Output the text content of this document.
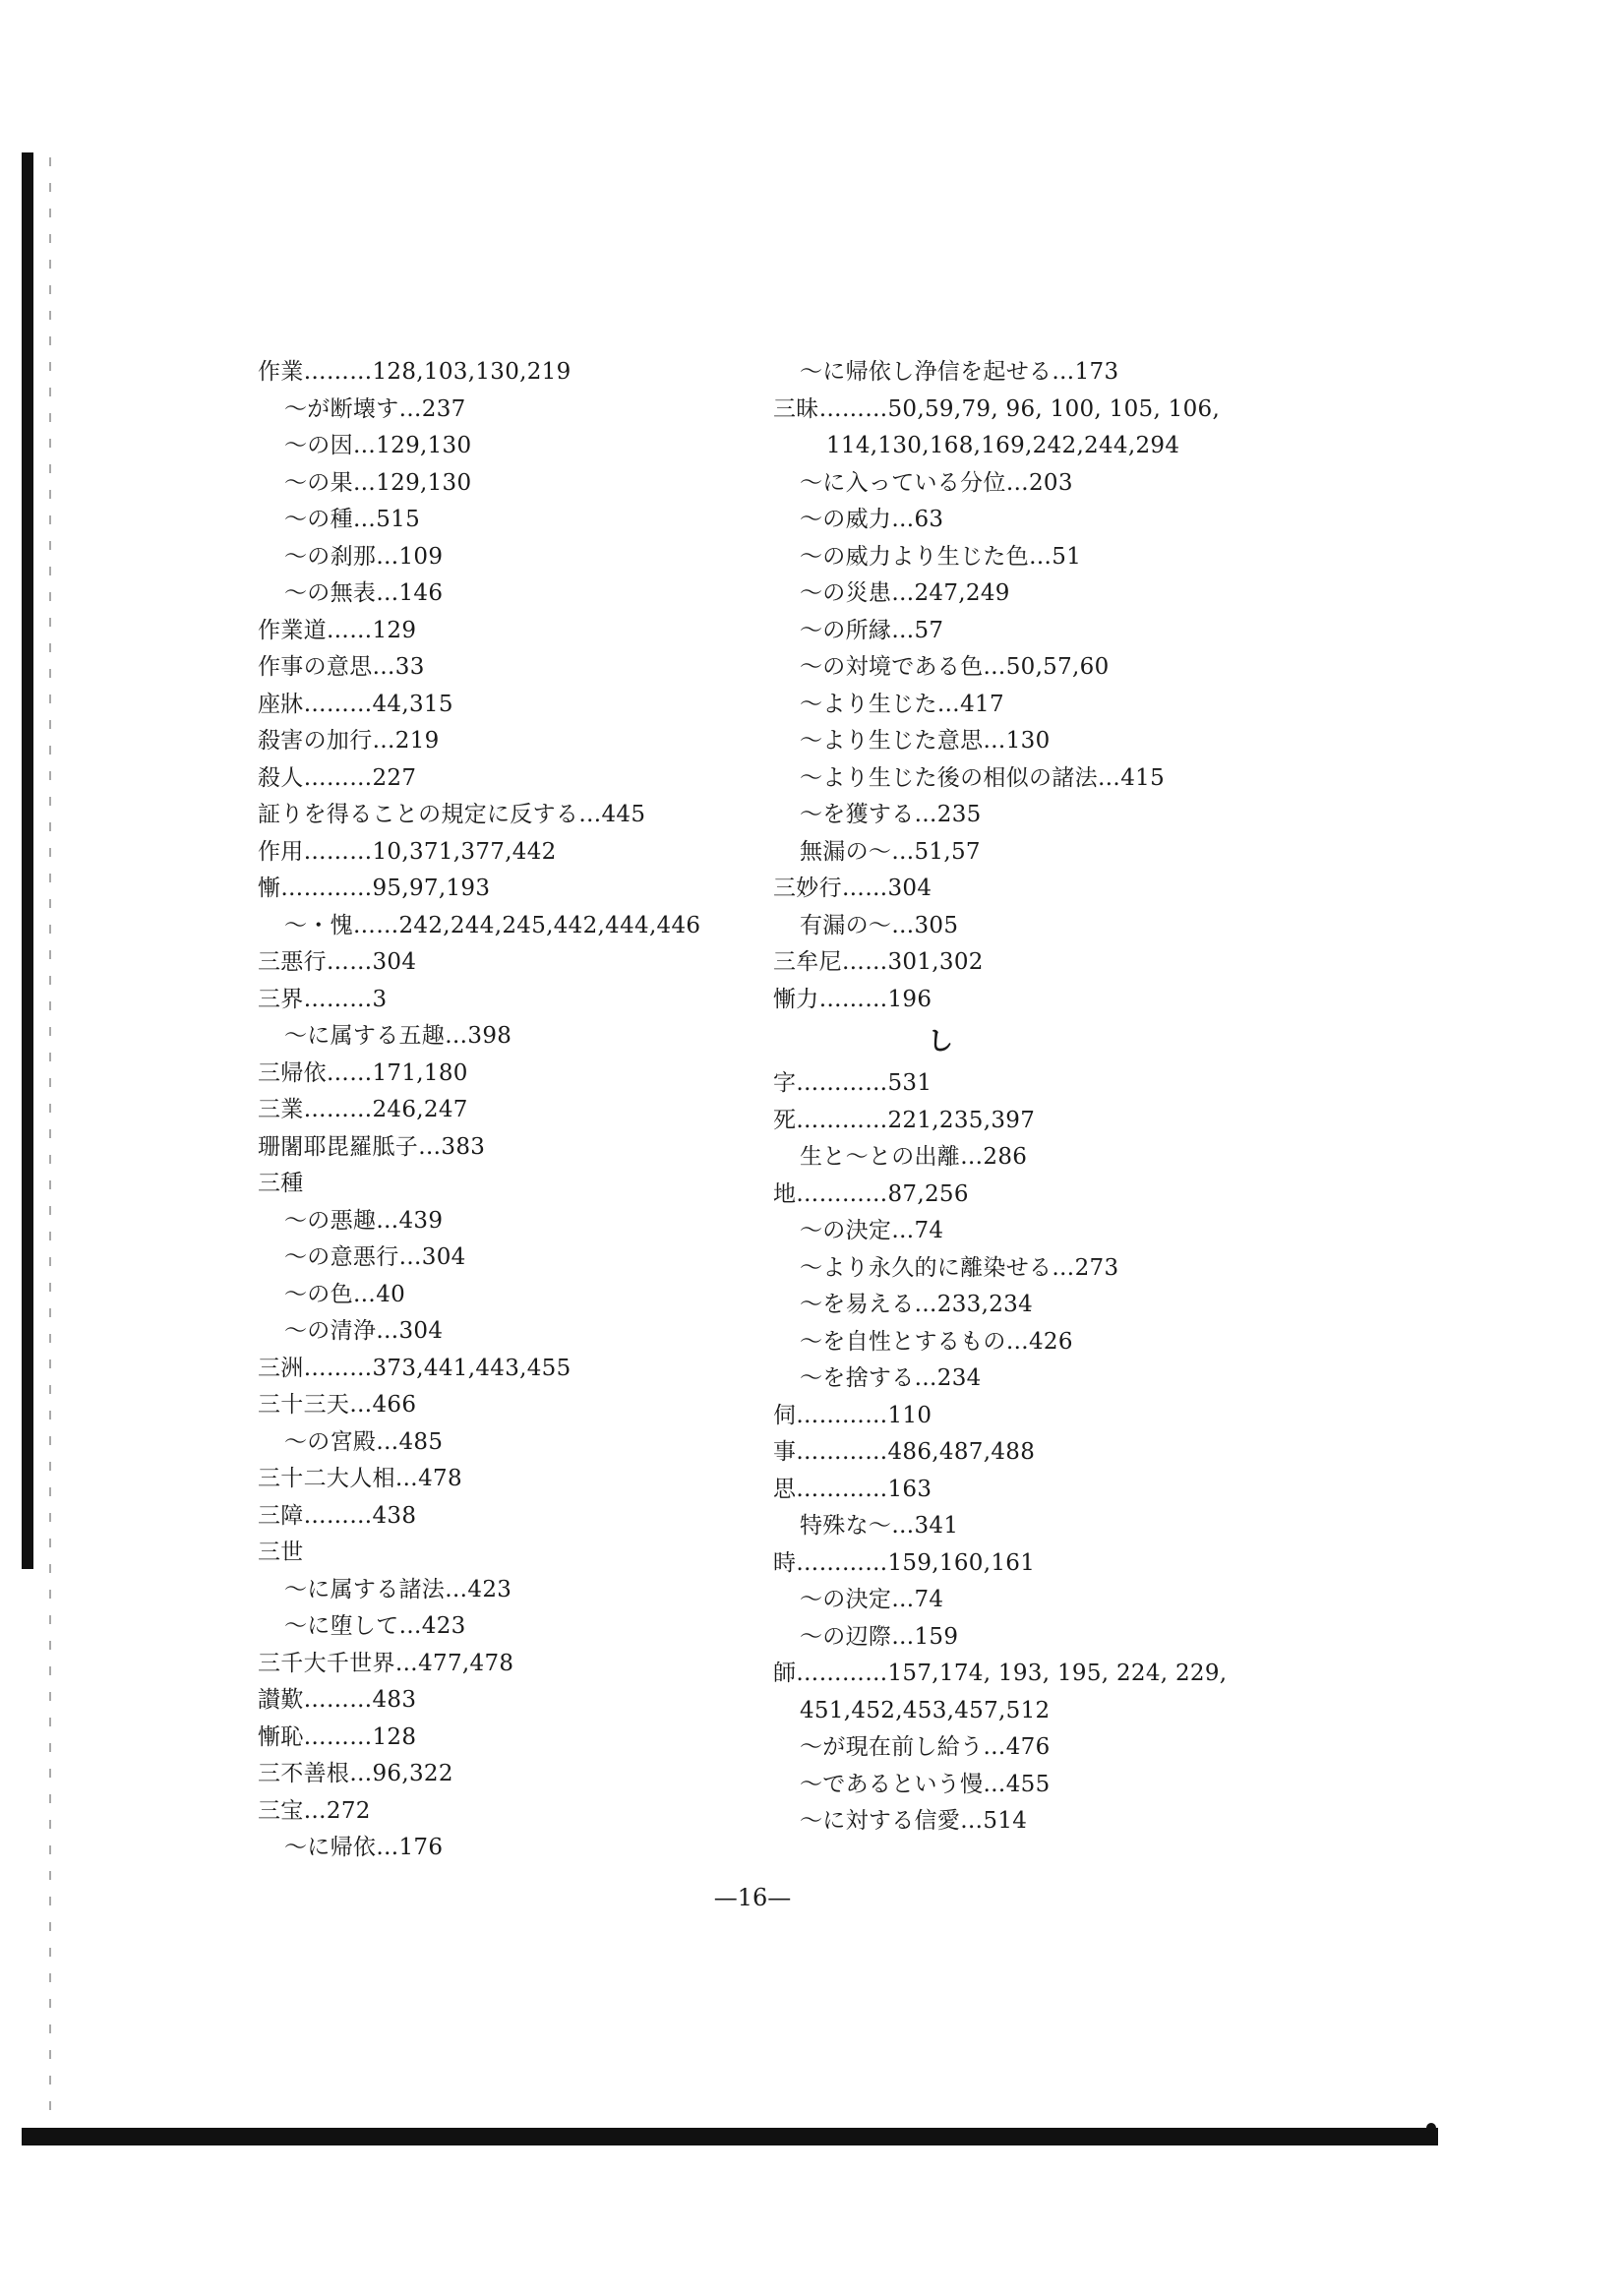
作業………128,103,130,219
～が断壊す…237
～の因…129,130
～の果…129,130
～の種…515
～の刹那…109
～の無表…146
作業道……129
作事の意思…33
座牀………44,315
殺害の加行…219
殺人………227
証りを得ることの規定に反する…445
作用………10,371,377,442
慚…………95,97,193
～・愧……242,244,245,442,444,446
三悪行……304
三界………3
～に属する五趣…398
三帰依……171,180
三業………246,247
珊闍耶毘羅胝子…383
三種
～の悪趣…439
～の意悪行…304
～の色…40
～の清浄…304
三洲………373,441,443,455
三十三天…466
～の宮殿…485
三十二大人相…478
三障………438
三世
～に属する諸法…423
～に堕して…423
三千大千世界…477,478
讃歎………483
慚恥………128
三不善根…96,322
三宝…272
～に帰依…176
～に帰依し浄信を起せる…173
三昧………50,59,79, 96, 100, 105, 106,
114,130,168,169,242,244,294
～に入っている分位…203
～の威力…63
～の威力より生じた色…51
～の災患…247,249
～の所縁…57
～の対境である色…50,57,60
～より生じた…417
～より生じた意思…130
～より生じた後の相似の諸法…415
～を獲する…235
無漏の～…51,57
三妙行……304
有漏の～…305
三牟尼……301,302
慚力………196
し
字…………531
死…………221,235,397
生と～との出離…286
地…………87,256
～の決定…74
～より永久的に離染せる…273
～を易える…233,234
～を自性とするもの…426
～を捨する…234
伺…………110
事…………486,487,488
思…………163
特殊な～…341
時…………159,160,161
～の決定…74
～の辺際…159
師…………157,174, 193, 195, 224, 229,
451,452,453,457,512
～が現在前し給う…476
～であるという慢…455
～に対する信愛…514
—16—
